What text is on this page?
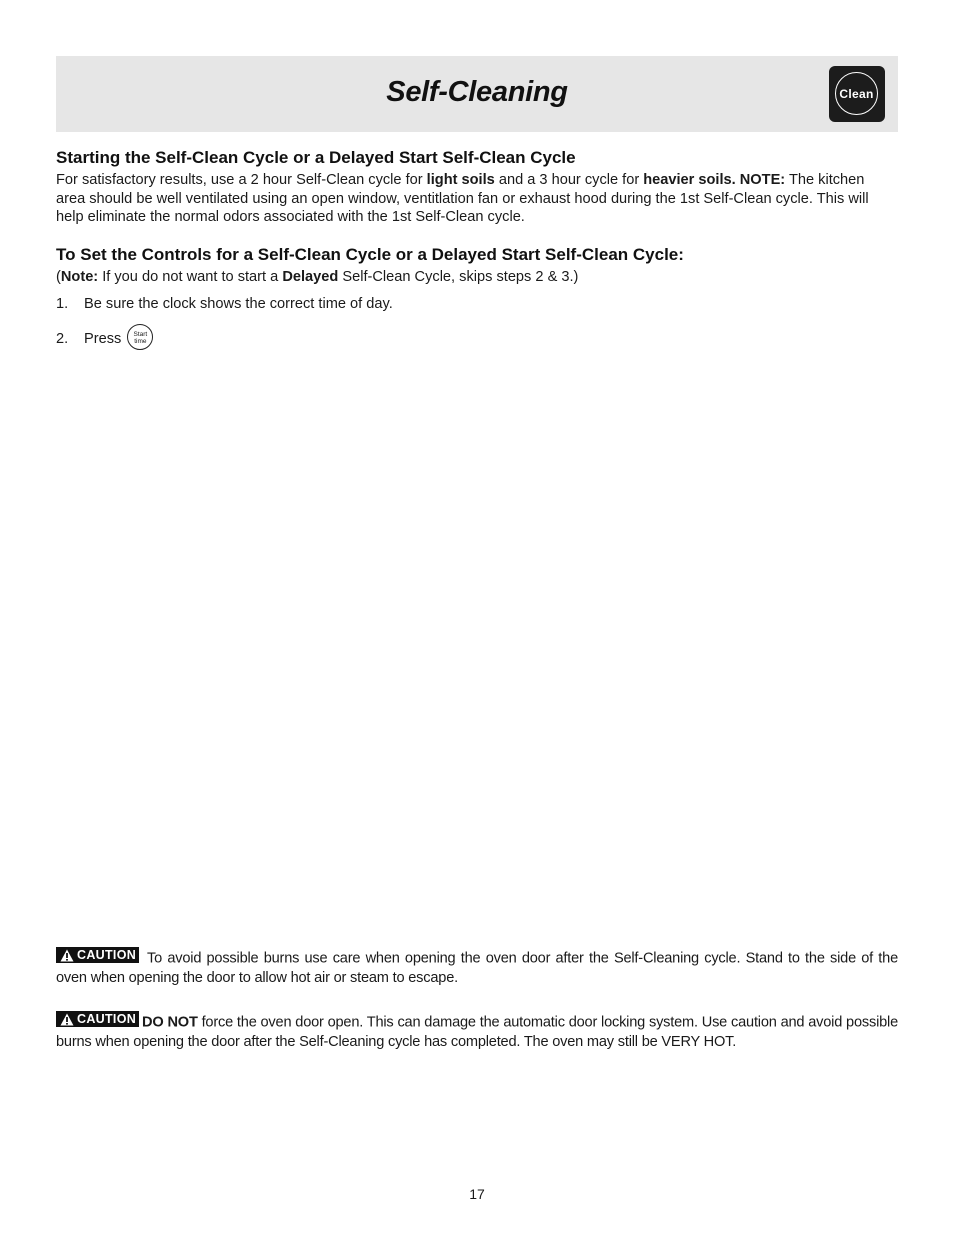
Self-Cleaning	Clean
Starting the Self-Clean Cycle or a Delayed Start Self-Clean Cycle

For satisfactory results, use a 2 hour Self-Clean cycle for light soils and a 3 hour cycle for heavier soils. NOTE: The kitchen area should be well ventilated using an open window, ventitlation fan or exhaust hood during the 1st Self-Clean cycle. This will help eliminate the normal odors associated with the 1st Self-Clean cycle.

To Set the Controls for a Self-Clean Cycle or a Delayed Start Self-Clean Cycle:

(Note: If you do not want to start a Delayed Self-Clean Cycle, skips steps 2 & 3.)

1. Be sure the clock shows the correct time of day.
2. Press Start
time

CAUTION To avoid possible burns use care when opening the oven door after the Self-Cleaning cycle. Stand to the side of the oven when opening the door to allow hot air or steam to escape.

CAUTION DO NOT force the oven door open. This can damage the automatic door locking system. Use caution and avoid possible burns when opening the door after the Self-Cleaning cycle has completed. The oven may still be VERY HOT.

17
